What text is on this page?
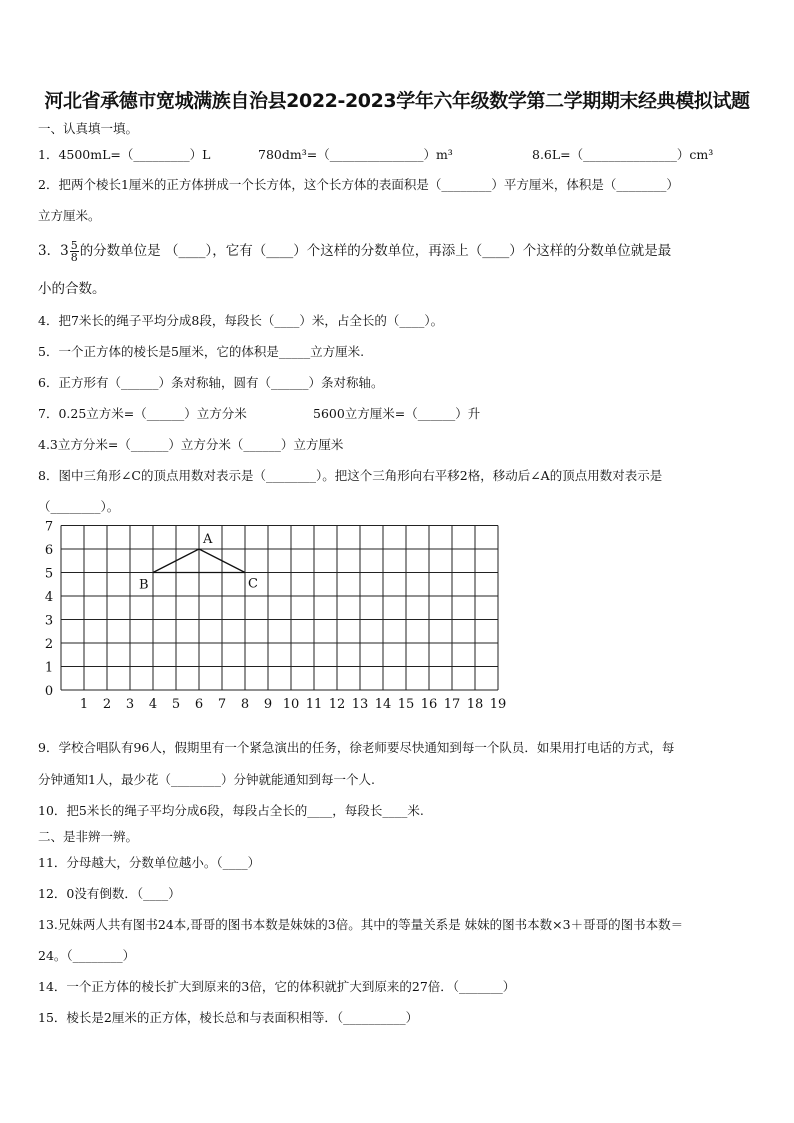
河北省承德市宽城满族自治县2022-2023学年六年级数学第二学期期末经典模拟试题
一、认真填一填。
1．4500mL=（_________）L	780dm³=（_______________）m³	8.6L=（_______________）cm³
2．把两个棱长1厘米的正方体拼成一个长方体，这个长方体的表面积是（________）平方厘米，体积是（________）
立方厘米。
3．$3 \frac{5}{8}$ 的分数单位是 （____），它有（____）个这样的分数单位，再添上（____）个这样的分数单位就是最
小的合数。
4．把7米长的绳子平均分成8段，每段长（____）米，占全长的（____）。
5．一个正方体的棱长是5厘米，它的体积是_____立方厘米.
6．正方形有（______）条对称轴，圆有（______）条对称轴。
7．0.25立方米=（______）立方分米	5600立方厘米=（______）升
4.3立方分米=（______）立方分米（______）立方厘米
8．图中三角形∠C的顶点用数对表示是（________）。把这个三角形向右平移2格，移动后∠A的顶点用数对表示是
（________）。
1 2 3 4 5 6 7 8 9 10 11 12 13 14 15 16 17 18 19
0
1
2
3
4
5
6
7
A
B	C
9．学校合唱队有96人，假期里有一个紧急演出的任务，徐老师要尽快通知到每一个队员．如果用打电话的方式，每
分钟通知1人，最少花（________）分钟就能通知到每一个人.
10．把5米长的绳子平均分成6段，每段占全长的____，每段长____米.
二、是非辨一辨。
11．分母越大，分数单位越小。（____）
12．0没有倒数．（____）
13.兄妹两人共有图书24本,哥哥的图书本数是妹妹的3倍。其中的等量关系是 妹妹的图书本数×3＋哥哥的图书本数＝
24。（________）
14．一个正方体的棱长扩大到原来的3倍，它的体积就扩大到原来的27倍．（_______）
15．棱长是2厘米的正方体，棱长总和与表面积相等．（__________）
